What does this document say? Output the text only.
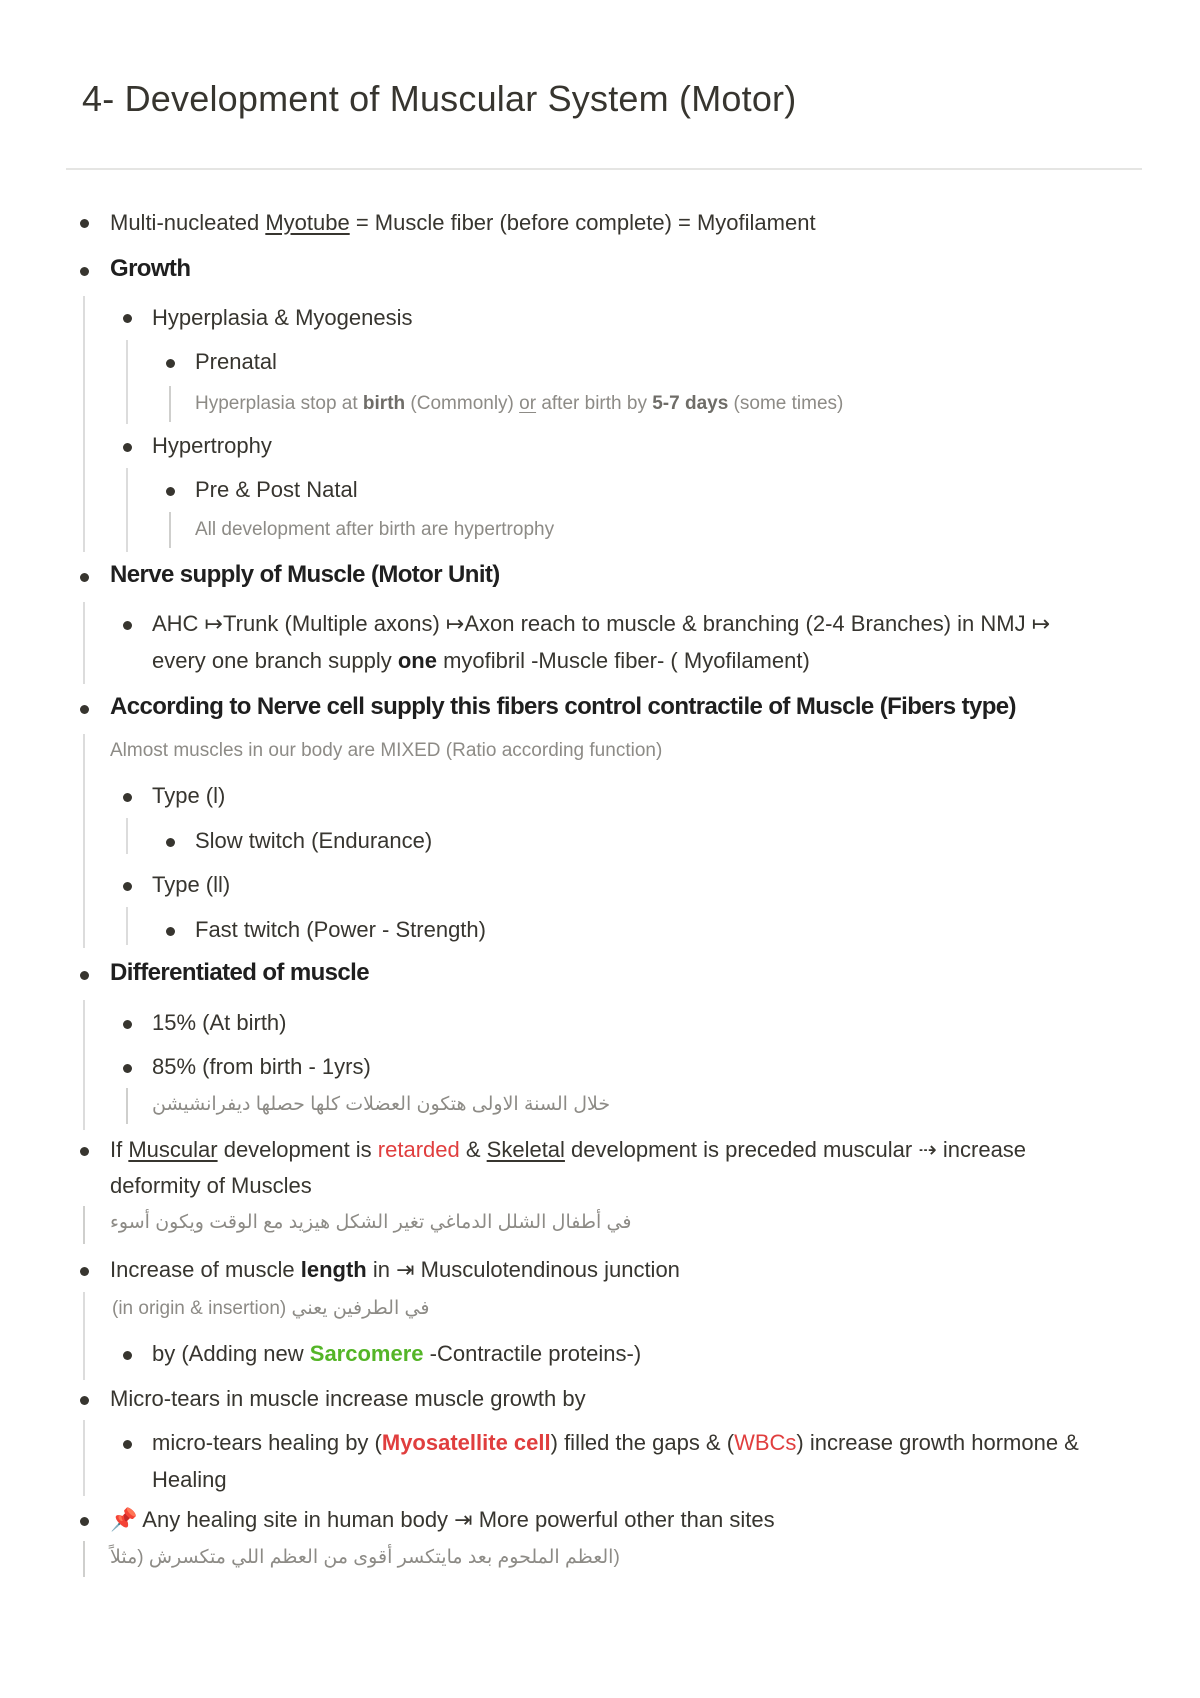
4- Development of Muscular System (Motor)
Multi-nucleated Myotube = Muscle fiber (before complete) = Myofilament
Growth
Hyperplasia & Myogenesis
Prenatal
Hyperplasia stop at birth (Commonly) or after birth by 5-7 days (some times)
Hypertrophy
Pre & Post Natal
All development after birth are hypertrophy
Nerve supply of Muscle (Motor Unit)
AHC ↦Trunk (Multiple axons) ↦Axon reach to muscle & branching (2-4 Branches) in NMJ ↦
every one branch supply one myofibril -Muscle fiber- ( Myofilament)
According to Nerve cell supply this fibers control contractile of Muscle (Fibers type)
Almost muscles in our body are MIXED (Ratio according function)
Type (l)
Slow twitch (Endurance)
Type (ll)
Fast twitch (Power - Strength)
Differentiated of muscle
15% (At birth)
85% (from birth - 1yrs)
خلال السنة الاولى هتكون العضلات كلها حصلها ديفرانشيشن
If Muscular development is retarded & Skeletal development is preceded muscular ⇢ increase
deformity of Muscles
في أطفال الشلل الدماغي تغير الشكل هيزيد مع الوقت ويكون أسوء
Increase of muscle length in ⇥ Musculotendinous junction
(in origin & insertion) في الطرفين يعني
by (Adding new Sarcomere -Contractile proteins-)
Micro-tears in muscle increase muscle growth by
micro-tears healing by (Myosatellite cell) filled the gaps & (WBCs) increase growth hormone &
Healing
📌 Any healing site in human body ⇥ More powerful other than sites
(العظم الملحوم بعد مايتكسر أقوى من العظم اللي متكسرش (مثلاً
